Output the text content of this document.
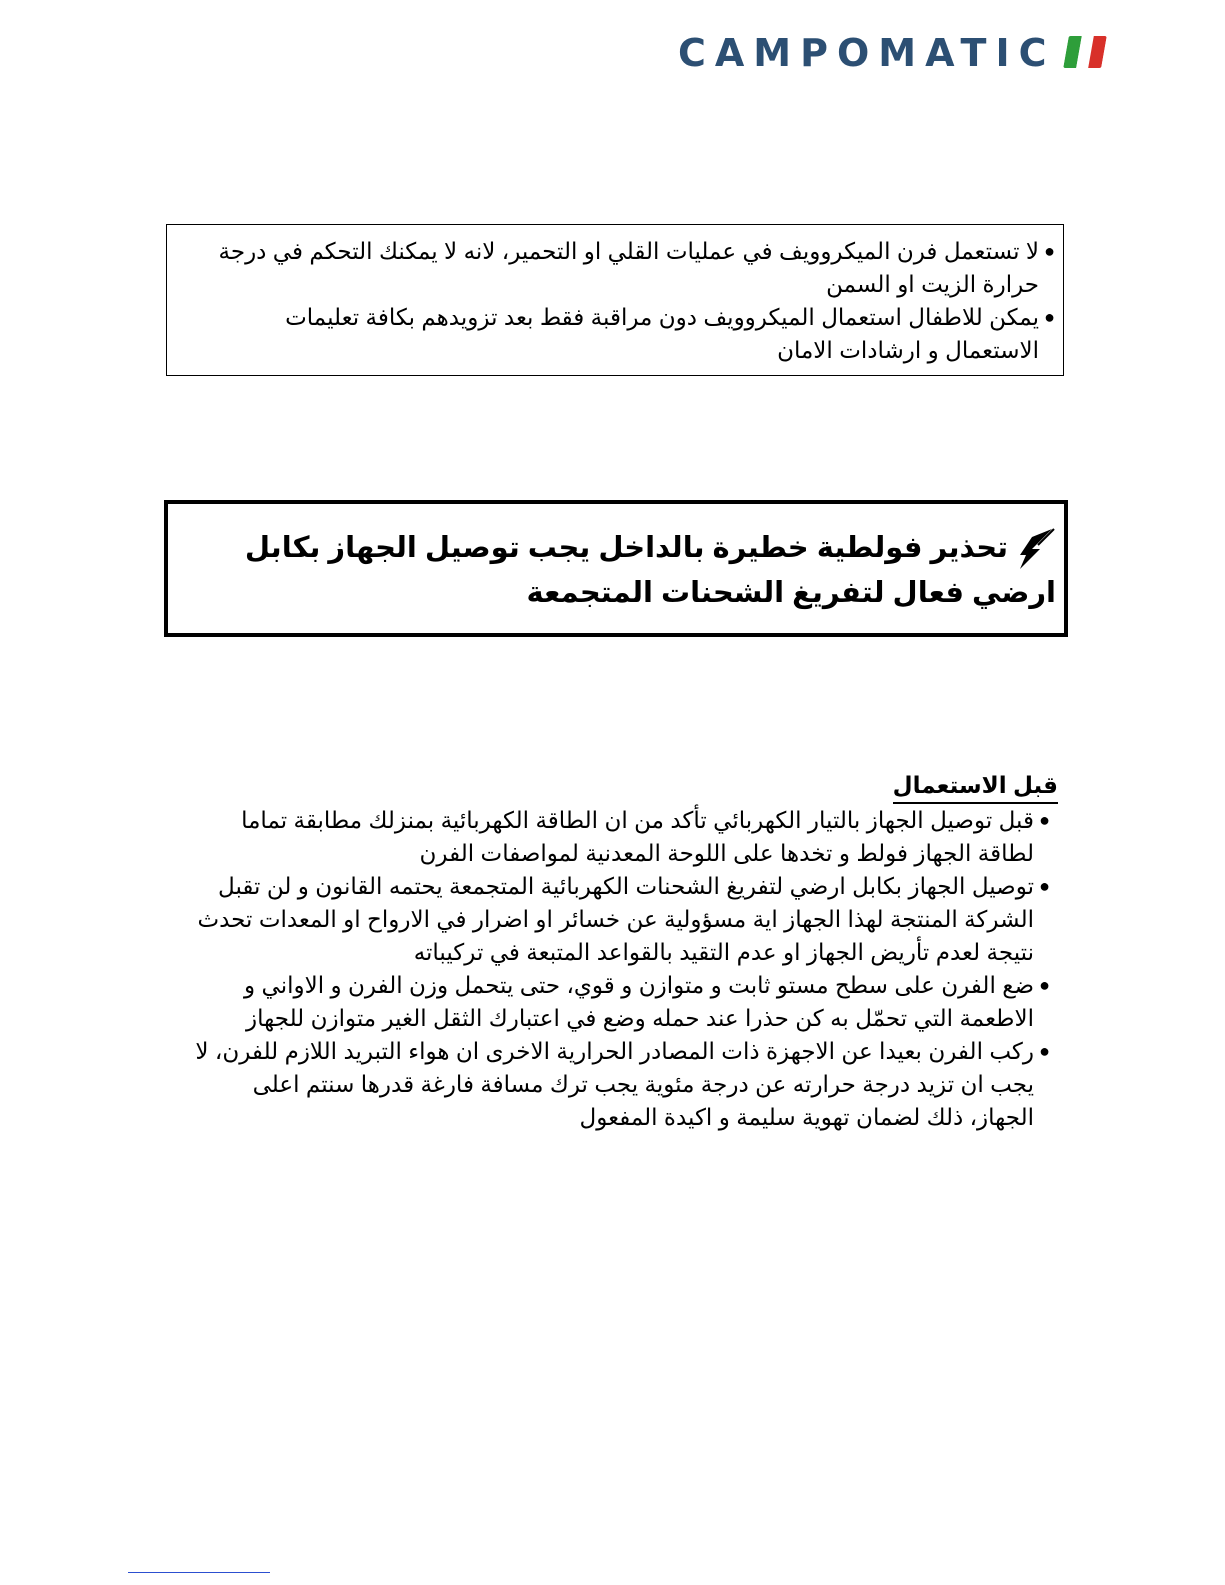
CAMPOMATIC
●
لا تستعمل فرن الميكروويف في عمليات القلي او التحمير، لانه لا يمكنك التحكم في درجة حرارة الزيت او السمن
●
يمكن للاطفال استعمال الميكروويف دون مراقبة فقط بعد تزويدهم بكافة تعليمات الاستعمال و ارشادات الامان
تحذير فولطية خطيرة بالداخل يجب توصيل الجهاز بكابل ارضي فعال لتفريغ الشحنات المتجمعة
قبل الاستعمال
●
قبل توصيل الجهاز بالتيار الكهربائي تأكد من ان الطاقة الكهربائية بمنزلك مطابقة تماما لطاقة الجهاز فولط و تخدها على اللوحة المعدنية لمواصفات الفرن
●
توصيل الجهاز بكابل ارضي لتفريغ الشحنات الكهربائية المتجمعة يحتمه القانون و لن تقبل الشركة المنتجة لهذا الجهاز اية مسؤولية عن خسائر او اضرار في الارواح او المعدات تحدث نتيجة لعدم تأريض الجهاز او عدم التقيد بالقواعد المتبعة في تركيباته
●
ضع الفرن على سطح مستو ثابت و متوازن و قوي، حتى يتحمل وزن الفرن و الاواني و الاطعمة التي تحمّل به كن حذرا عند حمله وضع في اعتبارك الثقل الغير متوازن للجهاز
●
ركب الفرن بعيدا عن الاجهزة ذات المصادر الحرارية الاخرى ان هواء التبريد اللازم للفرن، لا يجب ان تزيد درجة حرارته عن درجة مئوية يجب ترك مسافة فارغة قدرها سنتم اعلى الجهاز، ذلك لضمان تهوية سليمة و اكيدة المفعول
